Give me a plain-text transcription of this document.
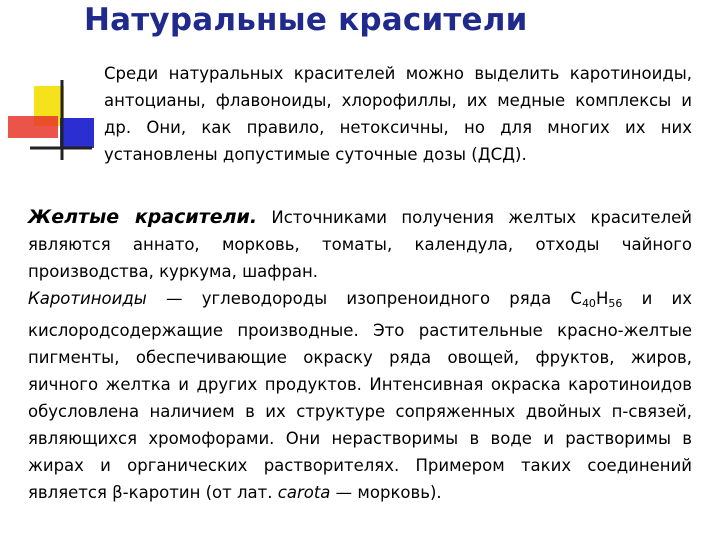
Натуральные красители
Среди натуральных красителей можно выделить каротиноиды, антоцианы, флавоноиды, хлорофиллы, их медные комплексы и др. Они, как правило, нетоксичны, но для многих их них установлены допустимые суточные дозы (ДСД).

Желтые красители. Источниками получения желтых красителей являются аннато, морковь, томаты, календула, отходы чайного производства, куркума, шафран.

Каротиноиды — углеводороды изопреноидного ряда $С_{40}Н_{56}$ и их кислородсодержащие производные. Это растительные красно-желтые пигменты, обеспечивающие окраску ряда овощей, фруктов, жиров, яичного желтка и других продуктов. Интенсивная окраска каротиноидов обусловлена наличием в их структуре сопряженных двойных п-связей, являющихся хромофорами. Они нерастворимы в воде и растворимы в жирах и органических растворителях. Примером таких соединений является β-каротин (от лат. carota — морковь).
